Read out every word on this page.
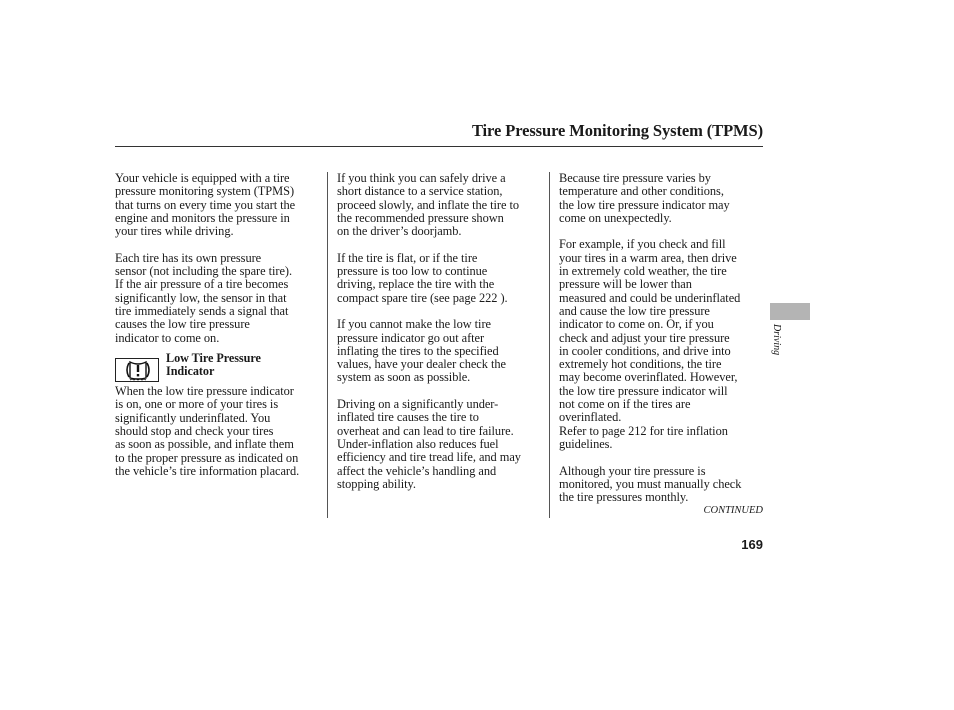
Tire Pressure Monitoring System (TPMS)

Your vehicle is equipped with a tire
pressure monitoring system (TPMS)
that turns on every time you start the
engine and monitors the pressure in
your tires while driving.

Each tire has its own pressure
sensor (not including the spare tire).
If the air pressure of a tire becomes
significantly low, the sensor in that
tire immediately sends a signal that
causes the low tire pressure
indicator to come on.

Low Tire Pressure
Indicator

When the low tire pressure indicator
is on, one or more of your tires is
significantly underinflated. You
should stop and check your tires
as soon as possible, and inflate them
to the proper pressure as indicated on
the vehicle’s tire information placard.

If you think you can safely drive a
short distance to a service station,
proceed slowly, and inflate the tire to
the recommended pressure shown
on the driver’s doorjamb.

If the tire is flat, or if the tire
pressure is too low to continue
driving, replace the tire with the
compact spare tire (see page 222 ).

If you cannot make the low tire
pressure indicator go out after
inflating the tires to the specified
values, have your dealer check the
system as soon as possible.

Driving on a significantly under-
inflated tire causes the tire to
overheat and can lead to tire failure.
Under-inflation also reduces fuel
efficiency and tire tread life, and may
affect the vehicle’s handling and
stopping ability.

Because tire pressure varies by
temperature and other conditions,
the low tire pressure indicator may
come on unexpectedly.

For example, if you check and fill
your tires in a warm area, then drive
in extremely cold weather, the tire
pressure will be lower than
measured and could be underinflated
and cause the low tire pressure
indicator to come on. Or, if you
check and adjust your tire pressure
in cooler conditions, and drive into
extremely hot conditions, the tire
may become overinflated. However,
the low tire pressure indicator will
not come on if the tires are
overinflated.

Refer to page 212 for tire inflation
guidelines.

Although your tire pressure is
monitored, you must manually check
the tire pressures monthly.

CONTINUED
169
Driving
